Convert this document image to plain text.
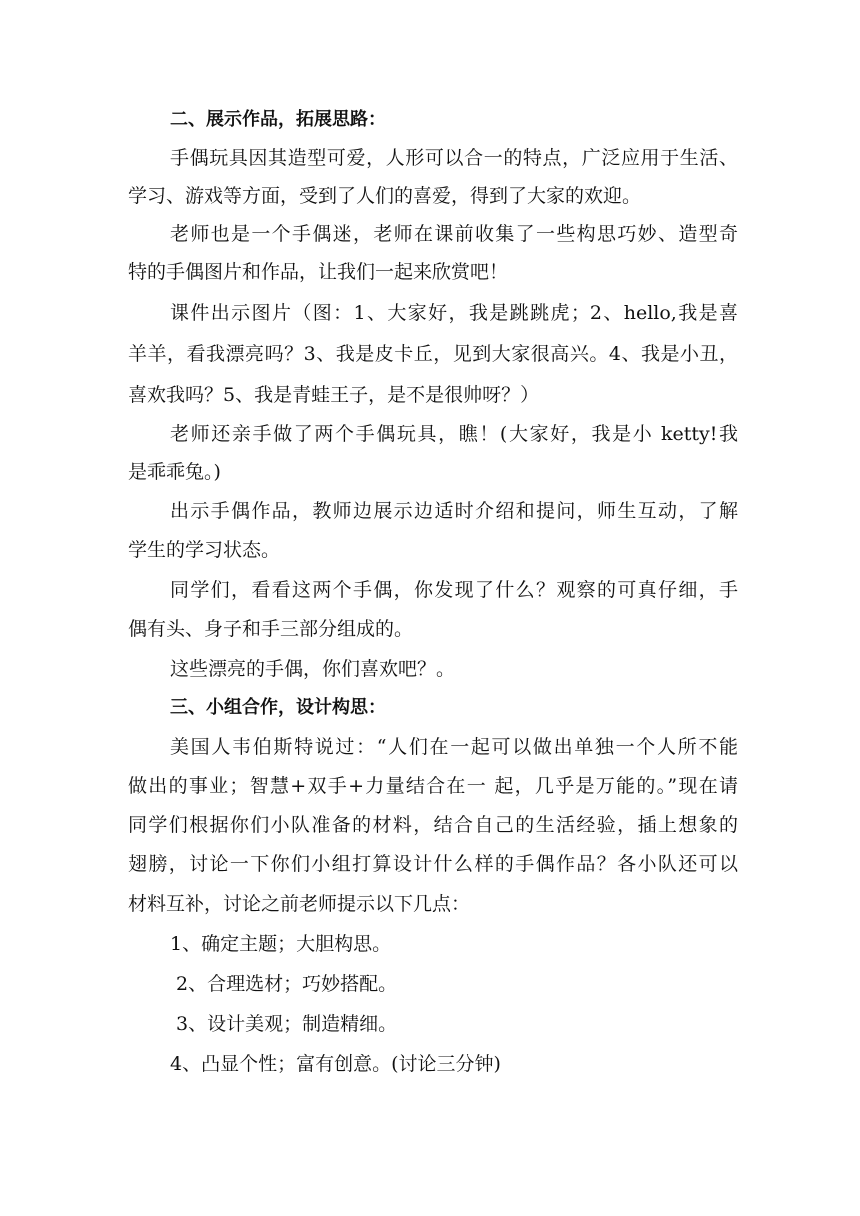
二、展示作品，拓展思路：
手偶玩具因其造型可爱，人形可以合一的特点，广泛应用于生活、
学习、游戏等方面，受到了人们的喜爱，得到了大家的欢迎。
老师也是一个手偶迷，老师在课前收集了一些构思巧妙、造型奇
特的手偶图片和作品，让我们一起来欣赏吧！
课件出示图片（图：1、大家好，我是跳跳虎；2、hello,我是喜
羊羊，看我漂亮吗？3、我是皮卡丘，见到大家很高兴。4、我是小丑，
喜欢我吗？5、我是青蛙王子，是不是很帅呀？）
老师还亲手做了两个手偶玩具，瞧！(大家好，我是小 ketty!我
是乖乖兔。)
出示手偶作品，教师边展示边适时介绍和提问，师生互动，了解
学生的学习状态。
同学们，看看这两个手偶，你发现了什么？观察的可真仔细，手
偶有头、身子和手三部分组成的。
这些漂亮的手偶，你们喜欢吧？。
三、小组合作，设计构思：
美国人韦伯斯特说过：“人们在一起可以做出单独一个人所不能
做出的事业；智慧+双手+力量结合在一 起，几乎是万能的。”现在请
同学们根据你们小队准备的材料，结合自己的生活经验，插上想象的
翅膀，讨论一下你们小组打算设计什么样的手偶作品？各小队还可以
材料互补，讨论之前老师提示以下几点：
1、确定主题；大胆构思。
2、合理选材；巧妙搭配。
3、设计美观；制造精细。
4、凸显个性；富有创意。(讨论三分钟)
